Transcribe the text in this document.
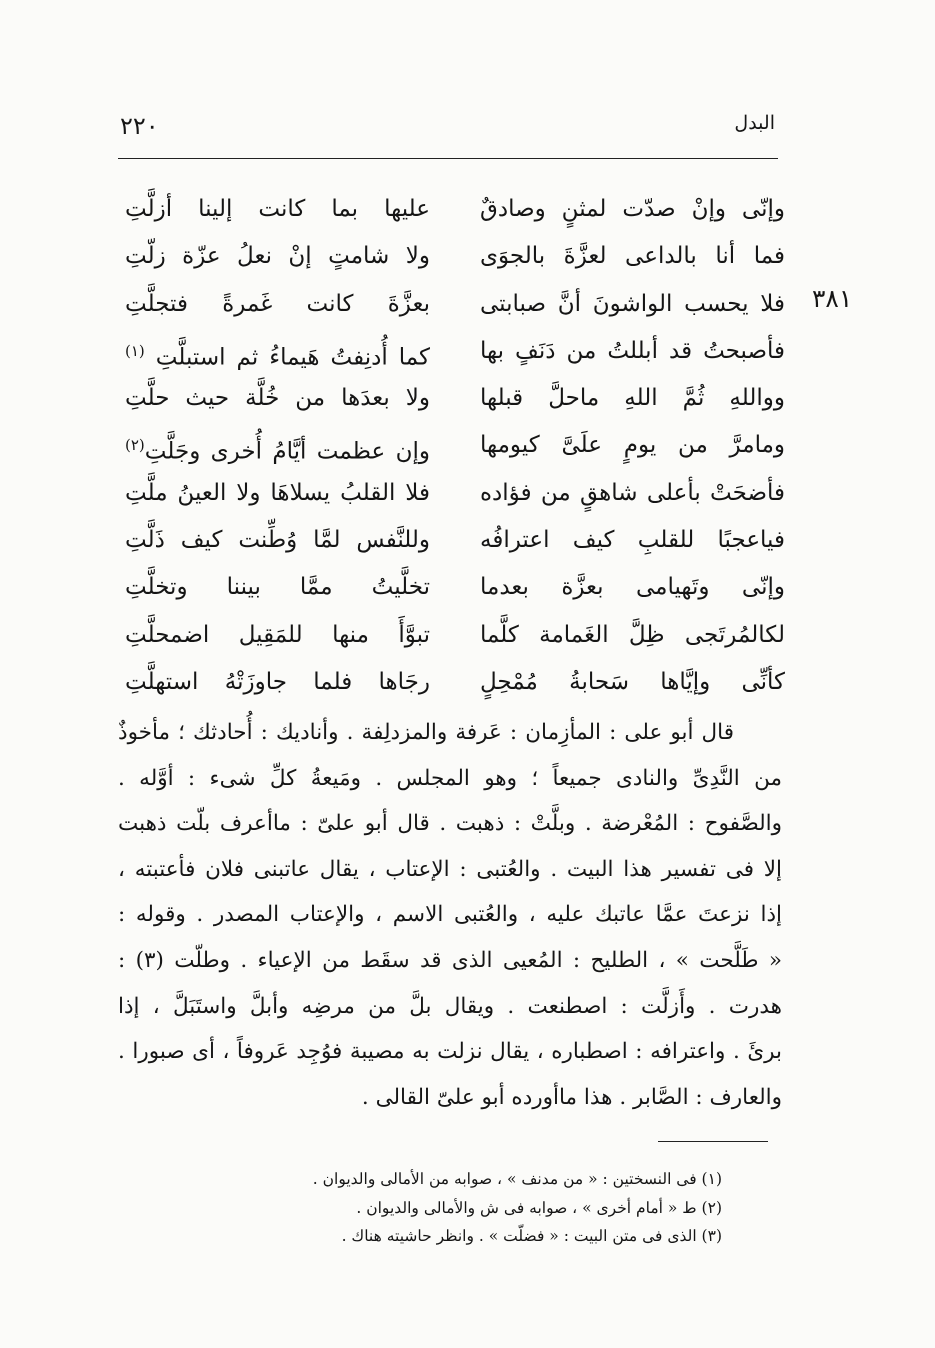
البدل
٢٢٠
٣٨١
وإنّى وإنْ صدّت لمثنٍ وصادقٌ
عليها بما كانت إلينا أزلَّتِ
فما أنا بالداعى لعزَّةَ بالجوَى
ولا شامتٍ إنْ نعلُ عزّة زلّتِ
فلا يحسب الواشونَ أنَّ صبابتى
بعزَّةَ كانت غَمرةً فتجلَّتِ
فأصبحتُ قد أبللتُ من دَنَفٍ بها
كما أُدنِفتُ هَيماءُ ثم استبلَّتِ $^{(١)}$
وواللهِ ثُمَّ اللهِ ماحلَّ قبلها
ولا بعدَها من خُلَّة حيث حلَّتِ
ومامرَّ من يومٍ علَىَّ كيومها
وإن عظمت أيَّامُ أُخرى وجَلَّتِ$^{(٢)}$
فأضحَتْ بأعلى شاهقٍ من فؤاده
فلا القلبُ يسلاهَا ولا العينُ ملَّتِ
فياعجبًا للقلبِ كيف اعترافُه
وللنَّفس لمَّا وُطِّنت كيف ذَلَّتِ
وإنّى وتَهيامى بعزَّة بعدما
تخلَّيتُ ممَّا بيننا وتخلَّتِ
لكالمُرتَجى ظِلَّ الغَمامة كلَّما
تبوَّأَ منها للمَقِيل اضمحلَّتِ
كأنِّى وإيَّاها سَحابةُ مُمْحِلٍ
رجَاها فلما جاوزَتْهُ استهلَّتِ
قال أبو على : المأزِمان : عَرفة والمزدلِفة . وأناديك : أُحادثك ؛ مأخوذٌ
من النَّدِىِّ والنادى جميعاً ؛ وهو المجلس . ومَيعةُ كلِّ شىء : أوَّله .
والصَّفوح : المُعْرضة . وبلَّتْ : ذهبت . قال أبو علىّ : ماأعرف بلّت ذهبت
إلا فى تفسير هذا البيت . والعُتبى : الإعتاب ، يقال عاتبنى فلان فأعتبته ،
إذا نزعتَ عمَّا عاتبك عليه ، والعُتبى الاسم ، والإعتاب المصدر . وقوله :
« طَلَّحت » ، الطليح : المُعيى الذى قد سقَط من الإعياء . وطلّت (٣) :
هدرت . وأَزلَّت : اصطنعت . ويقال بلَّ من مرضِه وأبلَّ واستَبَلَّ ، إذا
برئَ . واعترافه : اصطباره ، يقال نزلت به مصيبة فوُجِد عَروفاً ، أى صبورا .
والعارف : الصَّابر . هذا ماأورده أبو علىّ القالى .
(١) فى النسختين : « من مدنف » ، صوابه من الأمالى والديوان .
(٢) ط « أمام أخرى » ، صوابه فى ش والأمالى والديوان .
(٣) الذى فى متن البيت : « فضلّت » . وانظر حاشيته هناك .
